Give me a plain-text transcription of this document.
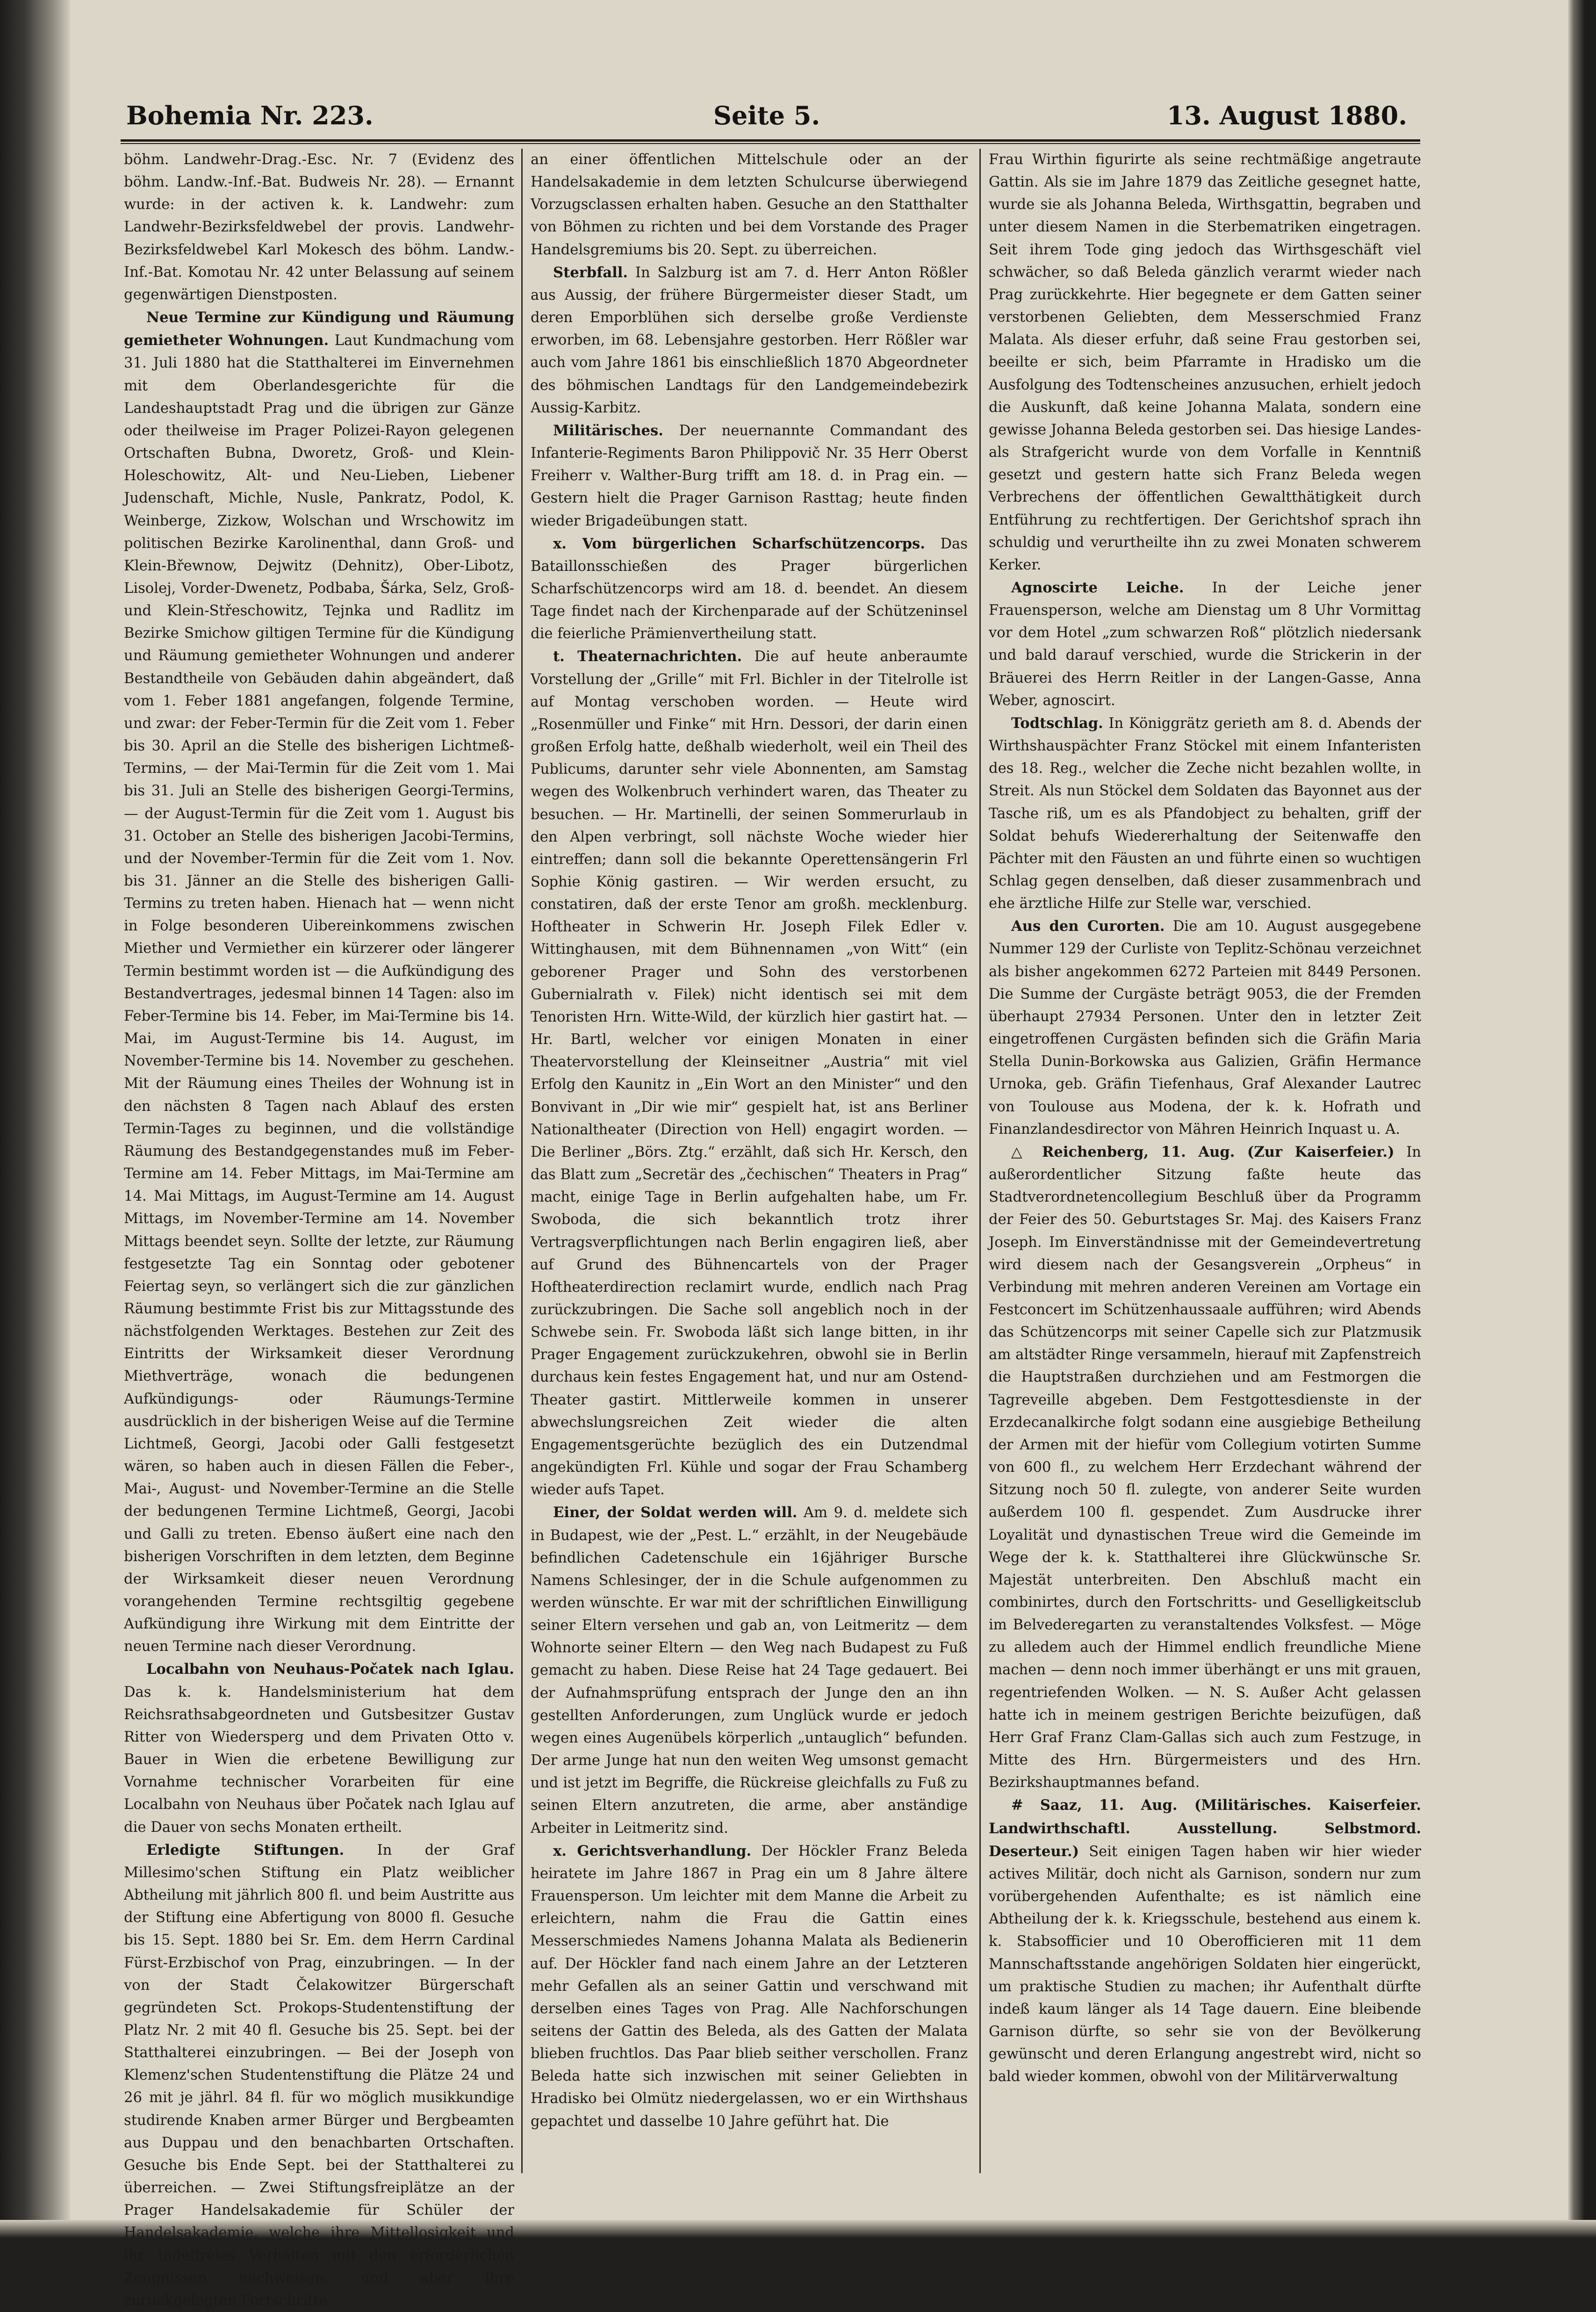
Bohemia Nr. 223.	Seite 5.	13. August 1880.

böhm. Landwehr-Drag.-Esc. Nr. 7 (Evidenz des böhm. Landw.-Inf.-Bat. Budweis Nr. 28). — Ernannt wurde: in der activen k. k. Landwehr: zum Landwehr-Bezirksfeldwebel der provis. Landwehr-Bezirksfeldwebel Karl Mokesch des böhm. Landw.-Inf.-Bat. Komotau Nr. 42 unter Belassung auf seinem gegenwärtigen Dienstposten.

Neue Termine zur Kündigung und Räumung gemietheter Wohnungen. Laut Kundmachung vom 31. Juli 1880 hat die Statthalterei im Einvernehmen mit dem Oberlandesgerichte für die Landeshauptstadt Prag und die übrigen zur Gänze oder theilweise im Prager Polizei-Rayon gelegenen Ortschaften Bubna, Dworetz, Groß- und Klein-Holeschowitz, Alt- und Neu-Lieben, Liebener Judenschaft, Michle, Nusle, Pankratz, Podol, K. Weinberge, Zizkow, Wolschan und Wrschowitz im politischen Bezirke Karolinenthal, dann Groß- und Klein-Břewnow, Dejwitz (Dehnitz), Ober-Libotz, Lisolej, Vorder-Dwenetz, Podbaba, Šárka, Selz, Groß- und Klein-Střeschowitz, Tejnka und Radlitz im Bezirke Smichow giltigen Termine für die Kündigung und Räumung gemietheter Wohnungen und anderer Bestandtheile von Gebäuden dahin abgeändert, daß vom 1. Feber 1881 angefangen, folgende Termine, und zwar: der Feber-Termin für die Zeit vom 1. Feber bis 30. April an die Stelle des bisherigen Lichtmeß-Termins, — der Mai-Termin für die Zeit vom 1. Mai bis 31. Juli an Stelle des bisherigen Georgi-Termins, — der August-Termin für die Zeit vom 1. August bis 31. October an Stelle des bisherigen Jacobi-Termins, und der November-Termin für die Zeit vom 1. Nov. bis 31. Jänner an die Stelle des bisherigen Galli-Termins zu treten haben. Hienach hat — wenn nicht in Folge besonderen Uibereinkommens zwischen Miether und Vermiether ein kürzerer oder längerer Termin bestimmt worden ist — die Aufkündigung des Bestandvertrages, jedesmal binnen 14 Tagen: also im Feber-Termine bis 14. Feber, im Mai-Termine bis 14. Mai, im August-Termine bis 14. August, im November-Termine bis 14. November zu geschehen. Mit der Räumung eines Theiles der Wohnung ist in den nächsten 8 Tagen nach Ablauf des ersten Termin-Tages zu beginnen, und die vollständige Räumung des Bestandgegenstandes muß im Feber-Termine am 14. Feber Mittags, im Mai-Termine am 14. Mai Mittags, im August-Termine am 14. August Mittags, im November-Termine am 14. November Mittags beendet seyn. Sollte der letzte, zur Räumung festgesetzte Tag ein Sonntag oder gebotener Feiertag seyn, so verlängert sich die zur gänzlichen Räumung bestimmte Frist bis zur Mittagsstunde des nächstfolgenden Werktages. Bestehen zur Zeit des Eintritts der Wirksamkeit dieser Verordnung Miethverträge, wonach die bedungenen Aufkündigungs- oder Räumungs-Termine ausdrücklich in der bisherigen Weise auf die Termine Lichtmeß, Georgi, Jacobi oder Galli festgesetzt wären, so haben auch in diesen Fällen die Feber-, Mai-, August- und November-Termine an die Stelle der bedungenen Termine Lichtmeß, Georgi, Jacobi und Galli zu treten. Ebenso äußert eine nach den bisherigen Vorschriften in dem letzten, dem Beginne der Wirksamkeit dieser neuen Verordnung vorangehenden Termine rechtsgiltig gegebene Aufkündigung ihre Wirkung mit dem Eintritte der neuen Termine nach dieser Verordnung.

Localbahn von Neuhaus-Počatek nach Iglau. Das k. k. Handelsministerium hat dem Reichsrathsabgeordneten und Gutsbesitzer Gustav Ritter von Wiedersperg und dem Privaten Otto v. Bauer in Wien die erbetene Bewilligung zur Vornahme technischer Vorarbeiten für eine Localbahn von Neuhaus über Počatek nach Iglau auf die Dauer von sechs Monaten ertheilt.

Erledigte Stiftungen. In der Graf Millesimo'schen Stiftung ein Platz weiblicher Abtheilung mit jährlich 800 fl. und beim Austritte aus der Stiftung eine Abfertigung von 8000 fl. Gesuche bis 15. Sept. 1880 bei Sr. Em. dem Herrn Cardinal Fürst-Erzbischof von Prag, einzubringen. — In der von der Stadt Čelakowitzer Bürgerschaft gegründeten Sct. Prokops-Studentenstiftung der Platz Nr. 2 mit 40 fl. Gesuche bis 25. Sept. bei der Statthalterei einzubringen. — Bei der Joseph von Klemenz'schen Studentenstiftung die Plätze 24 und 26 mit je jährl. 84 fl. für wo möglich musikkundige studirende Knaben armer Bürger und Bergbeamten aus Duppau und den benachbarten Ortschaften. Gesuche bis Ende Sept. bei der Statthalterei zu überreichen. — Zwei Stiftungsfreiplätze an der Prager Handelsakademie für Schüler der Handelsakademie, welche ihre Mittellosigkeit und ihr tadelfreies Verhalten mit den erforderlichen Zeugnissen nachweisen, und aber ihre zurückgelegten Fortschritte

an einer öffentlichen Mittelschule oder an der Handelsakademie in dem letzten Schulcurse überwiegend Vorzugsclassen erhalten haben. Gesuche an den Statthalter von Böhmen zu richten und bei dem Vorstande des Prager Handelsgremiums bis 20. Sept. zu überreichen.

Sterbfall. In Salzburg ist am 7. d. Herr Anton Rößler aus Aussig, der frühere Bürgermeister dieser Stadt, um deren Emporblühen sich derselbe große Verdienste erworben, im 68. Lebensjahre gestorben. Herr Rößler war auch vom Jahre 1861 bis einschließlich 1870 Abgeordneter des böhmischen Landtags für den Landgemeindebezirk Aussig-Karbitz.

Militärisches. Der neuernannte Commandant des Infanterie-Regiments Baron Philippovič Nr. 35 Herr Oberst Freiherr v. Walther-Burg trifft am 18. d. in Prag ein. — Gestern hielt die Prager Garnison Rasttag; heute finden wieder Brigadeübungen statt.

x. Vom bürgerlichen Scharfschützencorps. Das Bataillonsschießen des Prager bürgerlichen Scharfschützencorps wird am 18. d. beendet. An diesem Tage findet nach der Kirchenparade auf der Schützeninsel die feierliche Prämienvertheilung statt.

t. Theaternachrichten. Die auf heute anberaumte Vorstellung der „Grille“ mit Frl. Bichler in der Titelrolle ist auf Montag verschoben worden. — Heute wird „Rosenmüller und Finke“ mit Hrn. Dessori, der darin einen großen Erfolg hatte, deßhalb wiederholt, weil ein Theil des Publicums, darunter sehr viele Abonnenten, am Samstag wegen des Wolkenbruch verhindert waren, das Theater zu besuchen. — Hr. Martinelli, der seinen Sommerurlaub in den Alpen verbringt, soll nächste Woche wieder hier eintreffen; dann soll die bekannte Operettensängerin Frl Sophie König gastiren. — Wir werden ersucht, zu constatiren, daß der erste Tenor am großh. mecklenburg. Hoftheater in Schwerin Hr. Joseph Filek Edler v. Wittinghausen, mit dem Bühnennamen „von Witt“ (ein geborener Prager und Sohn des verstorbenen Gubernialrath v. Filek) nicht identisch sei mit dem Tenoristen Hrn. Witte-Wild, der kürzlich hier gastirt hat. — Hr. Bartl, welcher vor einigen Monaten in einer Theatervorstellung der Kleinseitner „Austria“ mit viel Erfolg den Kaunitz in „Ein Wort an den Minister“ und den Bonvivant in „Dir wie mir“ gespielt hat, ist ans Berliner Nationaltheater (Direction von Hell) engagirt worden. — Die Berliner „Börs. Ztg.“ erzählt, daß sich Hr. Kersch, den das Blatt zum „Secretär des „čechischen“ Theaters in Prag“ macht, einige Tage in Berlin aufgehalten habe, um Fr. Swoboda, die sich bekanntlich trotz ihrer Vertragsverpflichtungen nach Berlin engagiren ließ, aber auf Grund des Bühnencartels von der Prager Hoftheaterdirection reclamirt wurde, endlich nach Prag zurückzubringen. Die Sache soll angeblich noch in der Schwebe sein. Fr. Swoboda läßt sich lange bitten, in ihr Prager Engagement zurückzukehren, obwohl sie in Berlin durchaus kein festes Engagement hat, und nur am Ostend-Theater gastirt. Mittlerweile kommen in unserer abwechslungsreichen Zeit wieder die alten Engagementsgerüchte bezüglich des ein Dutzendmal angekündigten Frl. Kühle und sogar der Frau Schamberg wieder aufs Tapet.

Einer, der Soldat werden will. Am 9. d. meldete sich in Budapest, wie der „Pest. L.“ erzählt, in der Neugebäude befindlichen Cadetenschule ein 16jähriger Bursche Namens Schlesinger, der in die Schule aufgenommen zu werden wünschte. Er war mit der schriftlichen Einwilligung seiner Eltern versehen und gab an, von Leitmeritz — dem Wohnorte seiner Eltern — den Weg nach Budapest zu Fuß gemacht zu haben. Diese Reise hat 24 Tage gedauert. Bei der Aufnahmsprüfung entsprach der Junge den an ihn gestellten Anforderungen, zum Unglück wurde er jedoch wegen eines Augenübels körperlich „untauglich“ befunden. Der arme Junge hat nun den weiten Weg umsonst gemacht und ist jetzt im Begriffe, die Rückreise gleichfalls zu Fuß zu seinen Eltern anzutreten, die arme, aber anständige Arbeiter in Leitmeritz sind.

x. Gerichtsverhandlung. Der Höckler Franz Beleda heiratete im Jahre 1867 in Prag ein um 8 Jahre ältere Frauensperson. Um leichter mit dem Manne die Arbeit zu erleichtern, nahm die Frau die Gattin eines Messerschmiedes Namens Johanna Malata als Bedienerin auf. Der Höckler fand nach einem Jahre an der Letzteren mehr Gefallen als an seiner Gattin und verschwand mit derselben eines Tages von Prag. Alle Nachforschungen seitens der Gattin des Beleda, als des Gatten der Malata blieben fruchtlos. Das Paar blieb seither verschollen. Franz Beleda hatte sich inzwischen mit seiner Geliebten in Hradisko bei Olmütz niedergelassen, wo er ein Wirthshaus gepachtet und dasselbe 10 Jahre geführt hat. Die

Frau Wirthin figurirte als seine rechtmäßige angetraute Gattin. Als sie im Jahre 1879 das Zeitliche gesegnet hatte, wurde sie als Johanna Beleda, Wirthsgattin, begraben und unter diesem Namen in die Sterbematriken eingetragen. Seit ihrem Tode ging jedoch das Wirthsgeschäft viel schwächer, so daß Beleda gänzlich verarmt wieder nach Prag zurückkehrte. Hier begegnete er dem Gatten seiner verstorbenen Geliebten, dem Messerschmied Franz Malata. Als dieser erfuhr, daß seine Frau gestorben sei, beeilte er sich, beim Pfarramte in Hradisko um die Ausfolgung des Todtenscheines anzusuchen, erhielt jedoch die Auskunft, daß keine Johanna Malata, sondern eine gewisse Johanna Beleda gestorben sei. Das hiesige Landes- als Strafgericht wurde von dem Vorfalle in Kenntniß gesetzt und gestern hatte sich Franz Beleda wegen Verbrechens der öffentlichen Gewaltthätigkeit durch Entführung zu rechtfertigen. Der Gerichtshof sprach ihn schuldig und verurtheilte ihn zu zwei Monaten schwerem Kerker.

Agnoscirte Leiche. In der Leiche jener Frauensperson, welche am Dienstag um 8 Uhr Vormittag vor dem Hotel „zum schwarzen Roß“ plötzlich niedersank und bald darauf verschied, wurde die Strickerin in der Bräuerei des Herrn Reitler in der Langen-Gasse, Anna Weber, agnoscirt.

Todtschlag. In Königgrätz gerieth am 8. d. Abends der Wirthshauspächter Franz Stöckel mit einem Infanteristen des 18. Reg., welcher die Zeche nicht bezahlen wollte, in Streit. Als nun Stöckel dem Soldaten das Bayonnet aus der Tasche riß, um es als Pfandobject zu behalten, griff der Soldat behufs Wiedererhaltung der Seitenwaffe den Pächter mit den Fäusten an und führte einen so wuchtigen Schlag gegen denselben, daß dieser zusammenbrach und ehe ärztliche Hilfe zur Stelle war, verschied.

Aus den Curorten. Die am 10. August ausgegebene Nummer 129 der Curliste von Teplitz-Schönau verzeichnet als bisher angekommen 6272 Parteien mit 8449 Personen. Die Summe der Curgäste beträgt 9053, die der Fremden überhaupt 27934 Personen. Unter den in letzter Zeit eingetroffenen Curgästen befinden sich die Gräfin Maria Stella Dunin-Borkowska aus Galizien, Gräfin Hermance Urnoka, geb. Gräfin Tiefenhaus, Graf Alexander Lautrec von Toulouse aus Modena, der k. k. Hofrath und Finanzlandesdirector von Mähren Heinrich Inquast u. A.

△ Reichenberg, 11. Aug. (Zur Kaiserfeier.) In außerordentlicher Sitzung faßte heute das Stadtverordnetencollegium Beschluß über da Programm der Feier des 50. Geburtstages Sr. Maj. des Kaisers Franz Joseph. Im Einverständnisse mit der Gemeindevertretung wird diesem nach der Gesangsverein „Orpheus“ in Verbindung mit mehren anderen Vereinen am Vortage ein Festconcert im Schützenhaussaale aufführen; wird Abends das Schützencorps mit seiner Capelle sich zur Platzmusik am altstädter Ringe versammeln, hierauf mit Zapfenstreich die Hauptstraßen durchziehen und am Festmorgen die Tagreveille abgeben. Dem Festgottesdienste in der Erzdecanalkirche folgt sodann eine ausgiebige Betheilung der Armen mit der hiefür vom Collegium votirten Summe von 600 fl., zu welchem Herr Erzdechant während der Sitzung noch 50 fl. zulegte, von anderer Seite wurden außerdem 100 fl. gespendet. Zum Ausdrucke ihrer Loyalität und dynastischen Treue wird die Gemeinde im Wege der k. k. Statthalterei ihre Glückwünsche Sr. Majestät unterbreiten. Den Abschluß macht ein combinirtes, durch den Fortschritts- und Geselligkeitsclub im Belvederegarten zu veranstaltendes Volksfest. — Möge zu alledem auch der Himmel endlich freundliche Miene machen — denn noch immer überhängt er uns mit grauen, regentriefenden Wolken. — N. S. Außer Acht gelassen hatte ich in meinem gestrigen Berichte beizufügen, daß Herr Graf Franz Clam-Gallas sich auch zum Festzuge, in Mitte des Hrn. Bürgermeisters und des Hrn. Bezirkshauptmannes befand.

# Saaz, 11. Aug. (Militärisches. Kaiserfeier. Landwirthschaftl. Ausstellung. Selbstmord. Deserteur.) Seit einigen Tagen haben wir hier wieder actives Militär, doch nicht als Garnison, sondern nur zum vorübergehenden Aufenthalte; es ist nämlich eine Abtheilung der k. k. Kriegsschule, bestehend aus einem k. k. Stabsofficier und 10 Oberofficieren mit 11 dem Mannschaftsstande angehörigen Soldaten hier eingerückt, um praktische Studien zu machen; ihr Aufenthalt dürfte indeß kaum länger als 14 Tage dauern. Eine bleibende Garnison dürfte, so sehr sie von der Bevölkerung gewünscht und deren Erlangung angestrebt wird, nicht so bald wieder kommen, obwohl von der Militärverwaltung
